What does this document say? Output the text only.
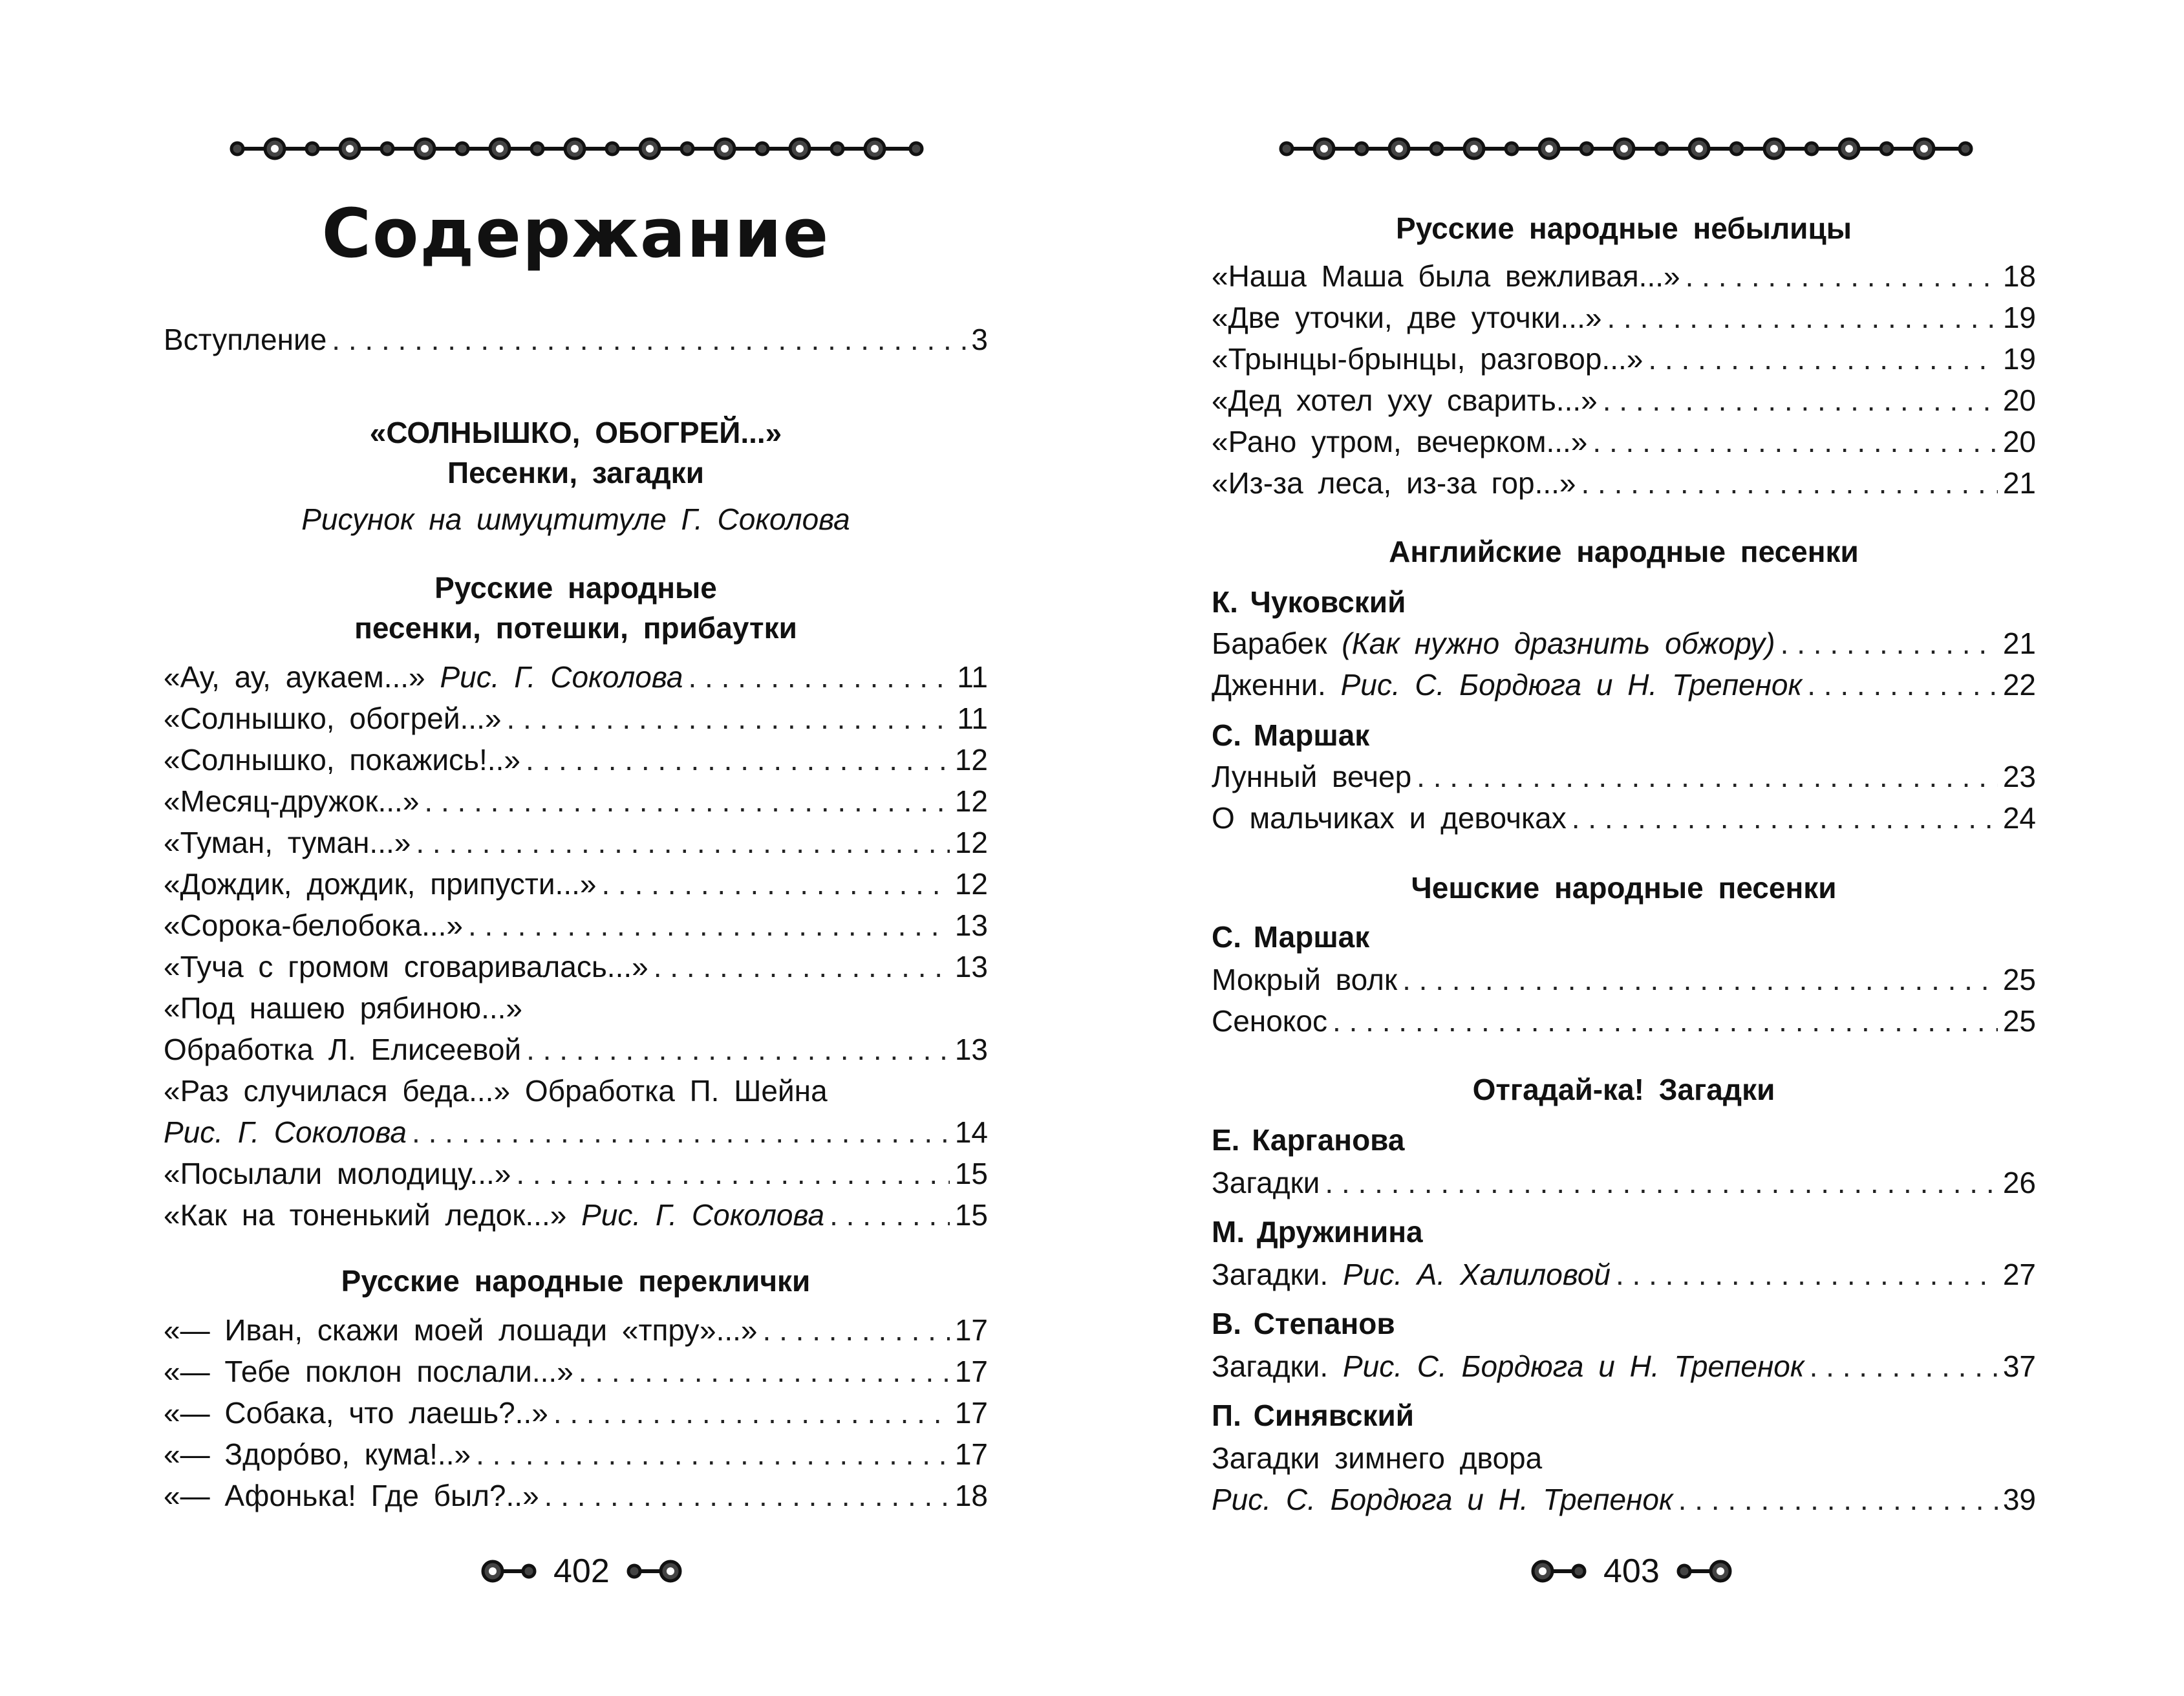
Содержание
Вступление . . .	3
«СОЛНЫШКО, ОБОГРЕЙ...»
Песенки, загадки
Рисунок на шмуцтитуле Г. Соколова
Русские народные
песенки, потешки, прибаутки
«Ау, ау, аукаем...» Рис. Г. Соколова . . .	11
«Солнышко, обогрей...» . . .	11
«Солнышко, покажись!..» . . .	12
«Месяц-дружок...» . . .	12
«Туман, туман...» . . .	12
«Дождик, дождик, припусти...» . . .	12
«Сорока-белобока...» . . .	13
«Туча с громом сговаривалась...» . . .	13
«Под нашею рябиною...»
Обработка Л. Елисеевой . . .	13
«Раз случилася беда...» Обработка П. Шейна
Рис. Г. Соколова . . .	14
«Посылали молодицу...» . . .	15
«Как на тоненький ледок...» Рис. Г. Соколова . . .	15
Русские народные переклички
«— Иван, скажи моей лошади «тпру»...» . . .	17
«— Тебе поклон послали...» . . .	17
«— Собака, что лаешь?..» . . .	17
«— Здоро́во, кума!..» . . .	17
«— Афонька! Где был?..» . . .	18
402
Русские народные небылицы
«Наша Маша была вежливая...» . . .	18
«Две уточки, две уточки...» . . .	19
«Трынцы-брынцы, разговор...» . . .	19
«Дед хотел уху сварить...» . . .	20
«Рано утром, вечерком...» . . .	20
«Из-за леса, из-за гор...» . . .	21
Английские народные песенки
К. Чуковский
Барабек (Как нужно дразнить обжору) . . .	21
Дженни. Рис. С. Бордюга и Н. Трепенок . . .	22
С. Маршак
Лунный вечер . . .	23
О мальчиках и девочках . . .	24
Чешские народные песенки
С. Маршак
Мокрый волк . . .	25
Сенокос . . .	25
Отгадай-ка! Загадки
Е. Карганова
Загадки . . .	26
М. Дружинина
Загадки. Рис. А. Халиловой . . .	27
В. Степанов
Загадки. Рис. С. Бордюга и Н. Трепенок . . .	37
П. Синявский
Загадки зимнего двора
Рис. С. Бордюга и Н. Трепенок . . .	39
403
